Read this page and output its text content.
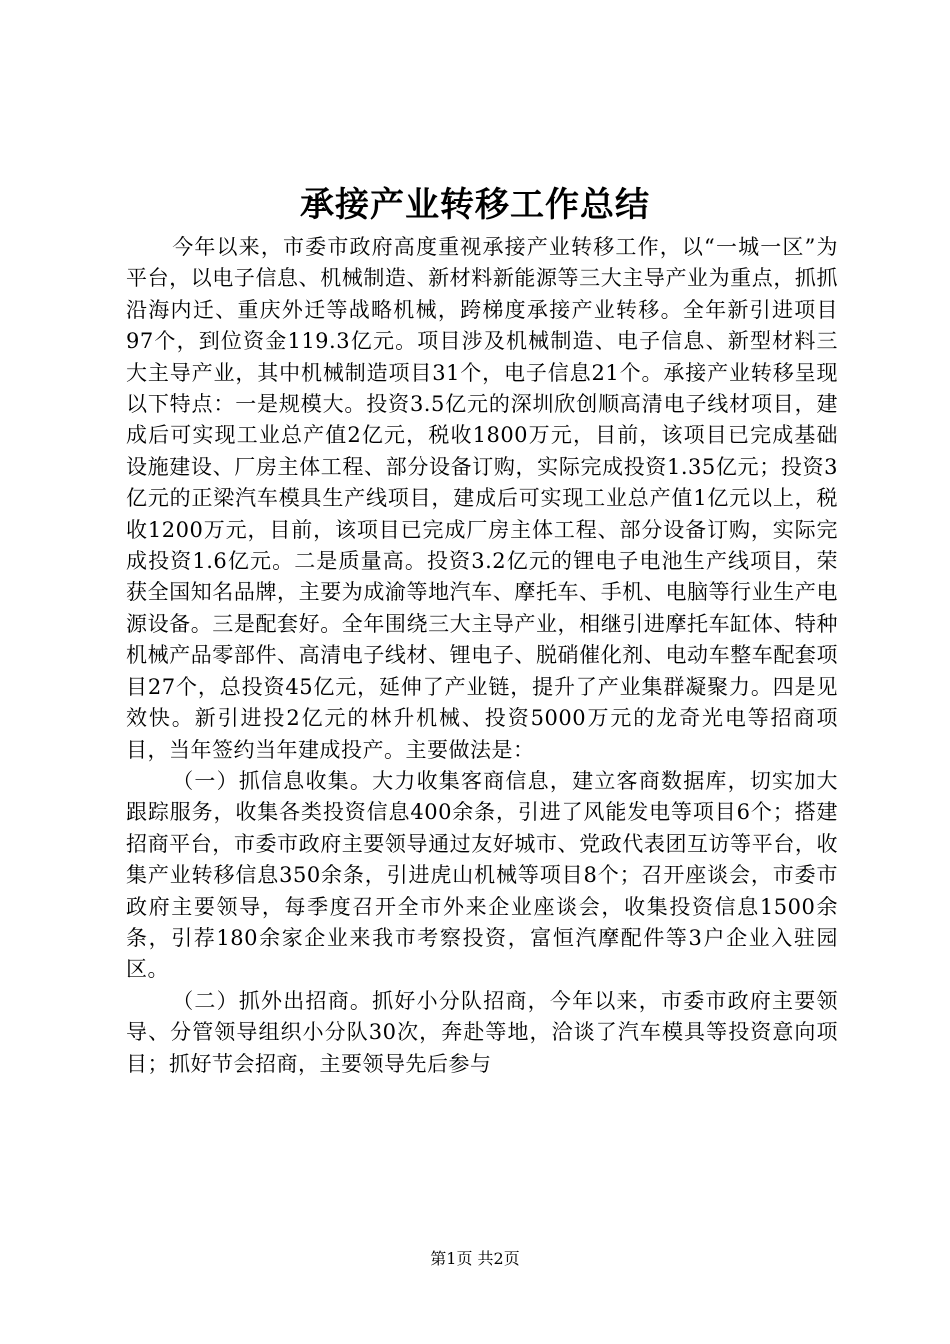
承接产业转移工作总结

今年以来，市委市政府高度重视承接产业转移工作，以“一城一区”为平台，以电子信息、机械制造、新材料新能源等三大主导产业为重点，抓抓沿海内迁、重庆外迁等战略机械，跨梯度承接产业转移。全年新引进项目97个，到位资金119.3亿元。项目涉及机械制造、电子信息、新型材料三大主导产业，其中机械制造项目31个，电子信息21个。承接产业转移呈现以下特点：一是规模大。投资3.5亿元的深圳欣创顺高清电子线材项目，建成后可实现工业总产值2亿元，税收1800万元，目前，该项目已完成基础设施建设、厂房主体工程、部分设备订购，实际完成投资1.35亿元；投资3亿元的正梁汽车模具生产线项目，建成后可实现工业总产值1亿元以上，税收1200万元，目前，该项目已完成厂房主体工程、部分设备订购，实际完成投资1.6亿元。二是质量高。投资3.2亿元的锂电子电池生产线项目，荣获全国知名品牌，主要为成渝等地汽车、摩托车、手机、电脑等行业生产电源设备。三是配套好。全年围绕三大主导产业，相继引进摩托车缸体、特种机械产品零部件、高清电子线材、锂电子、脱硝催化剂、电动车整车配套项目27个，总投资45亿元，延伸了产业链，提升了产业集群凝聚力。四是见效快。新引进投2亿元的林升机械、投资5000万元的龙奇光电等招商项目，当年签约当年建成投产。主要做法是：

（一）抓信息收集。大力收集客商信息，建立客商数据库，切实加大跟踪服务，收集各类投资信息400余条，引进了风能发电等项目6个；搭建招商平台，市委市政府主要领导通过友好城市、党政代表团互访等平台，收集产业转移信息350余条，引进虎山机械等项目8个；召开座谈会，市委市政府主要领导，每季度召开全市外来企业座谈会，收集投资信息1500余条，引荐180余家企业来我市考察投资，富恒汽摩配件等3户企业入驻园区。

（二）抓外出招商。抓好小分队招商，今年以来，市委市政府主要领导、分管领导组织小分队30次，奔赴等地，洽谈了汽车模具等投资意向项目；抓好节会招商，主要领导先后参与

第1页 共2页
